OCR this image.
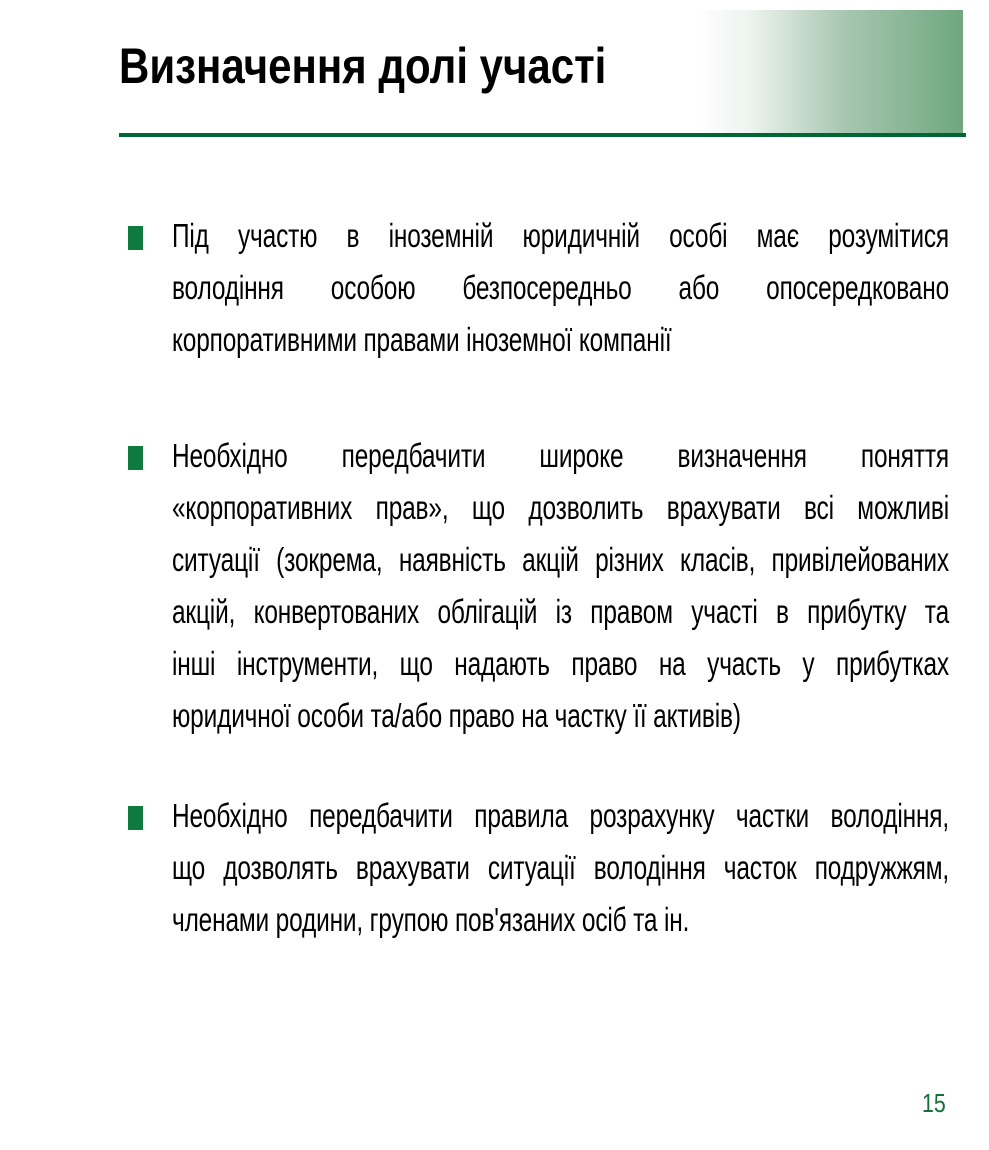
Визначення долі участі
Під участю в іноземній юридичній особі має розумітися
володіння особою безпосередньо або опосередковано
корпоративними правами іноземної компанії
Необхідно передбачити широке визначення поняття
«корпоративних прав», що дозволить врахувати всі можливі
ситуації (зокрема, наявність акцій різних класів, привілейованих
акцій, конвертованих облігацій із правом участі в прибутку та
інші інструменти, що надають право на участь у прибутках
юридичної особи та/або право на частку її активів)
Необхідно передбачити правила розрахунку частки володіння,
що дозволять врахувати ситуації володіння часток подружжям,
членами родини, групою пов'язаних осіб та ін.
15
